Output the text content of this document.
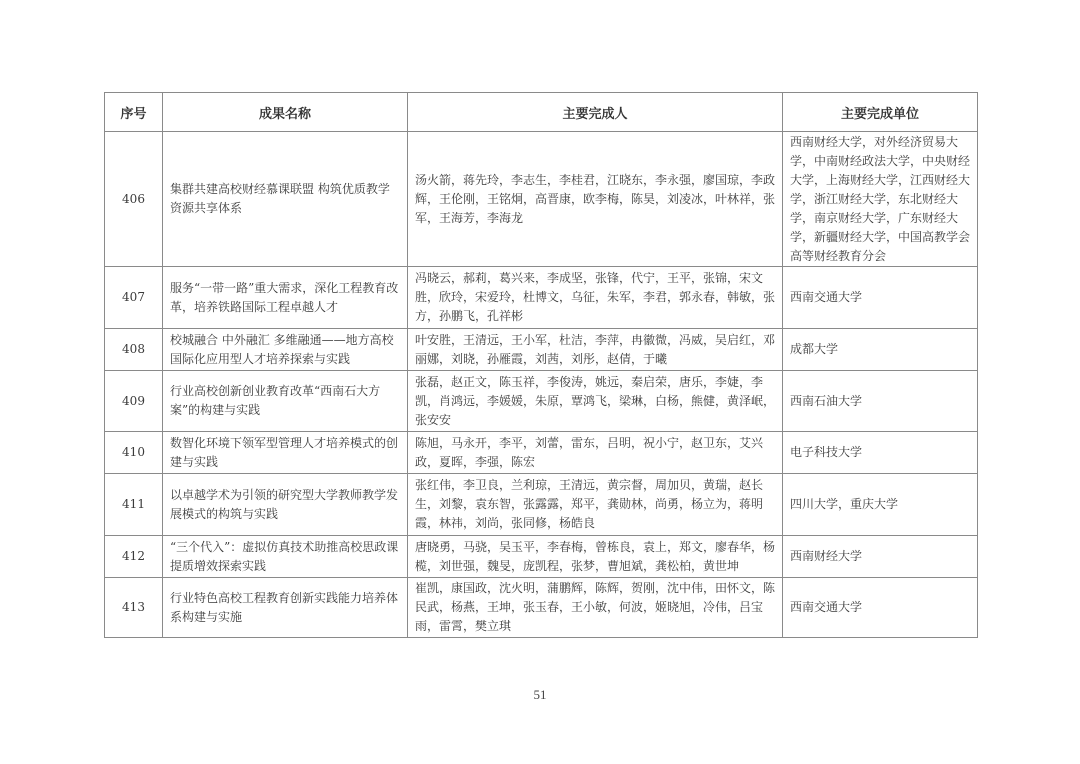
序号	成果名称	主要完成人	主要完成单位
406	集群共建高校财经慕课联盟 构筑优质教学资源共享体系	汤火箭，蒋先玲，李志生，李桂君，江晓东，李永强，廖国琼，李政辉，王伦刚，王铭炯，高晋康，欧李梅，陈昊，刘凌冰，叶林祥，张军，王海芳，李海龙	西南财经大学，对外经济贸易大学，中南财经政法大学，中央财经大学，上海财经大学，江西财经大学，浙江财经大学，东北财经大学，南京财经大学，广东财经大学，新疆财经大学，中国高教学会高等财经教育分会
407	服务“一带一路”重大需求，深化工程教育改革，培养铁路国际工程卓越人才	冯晓云，郝莉，葛兴来，李成坚，张锋，代宁，王平，张锦，宋文胜，欣玲，宋爱玲，杜博文，乌征，朱军，李君，郭永春，韩敏，张方，孙鹏飞，孔祥彬	西南交通大学
408	校城融合 中外融汇 多维融通——地方高校国际化应用型人才培养探索与实践	叶安胜，王清远，王小军，杜洁，李萍，冉徽微，冯威，吴启红，邓丽娜，刘晓，孙雁霞，刘茜，刘彤，赵倩，于曦	成都大学
409	行业高校创新创业教育改革“西南石大方案”的构建与实践	张磊，赵正文，陈玉祥，李俊涛，姚远，秦启荣，唐乐，李婕，李凯，肖鸿远，李媛媛，朱原，覃鸿飞，梁琳，白杨，熊健，黄泽岷，张安安	西南石油大学
410	数智化环境下领军型管理人才培养模式的创建与实践	陈旭，马永开，李平，刘蕾，雷东，吕明，祝小宁，赵卫东，艾兴政，夏晖，李强，陈宏	电子科技大学
411	以卓越学术为引领的研究型大学教师教学发展模式的构筑与实践	张红伟，李卫良，兰利琼，王清远，黄宗督，周加贝，黄瑞，赵长生，刘黎，袁东智，张露露，郑平，龚勋林，尚勇，杨立为，蒋明霞，林祎，刘尚，张同修，杨皓良	四川大学，重庆大学
412	“三个代入”：虚拟仿真技术助推高校思政课提质增效探索实践	唐晓勇，马骁，吴玉平，李春梅，曾栋良，袁上，郑文，廖春华，杨榄，刘世强，魏旻，庞凯程，张梦，曹旭斌，龚松柏，黄世坤	西南财经大学
413	行业特色高校工程教育创新实践能力培养体系构建与实施	崔凯，康国政，沈火明，蒲鹏辉，陈辉，贺刚，沈中伟，田怀文，陈民武，杨燕，王坤，张玉春，王小敏，何波，姬晓旭，冷伟，吕宝雨，雷霄，樊立琪	西南交通大学
51
